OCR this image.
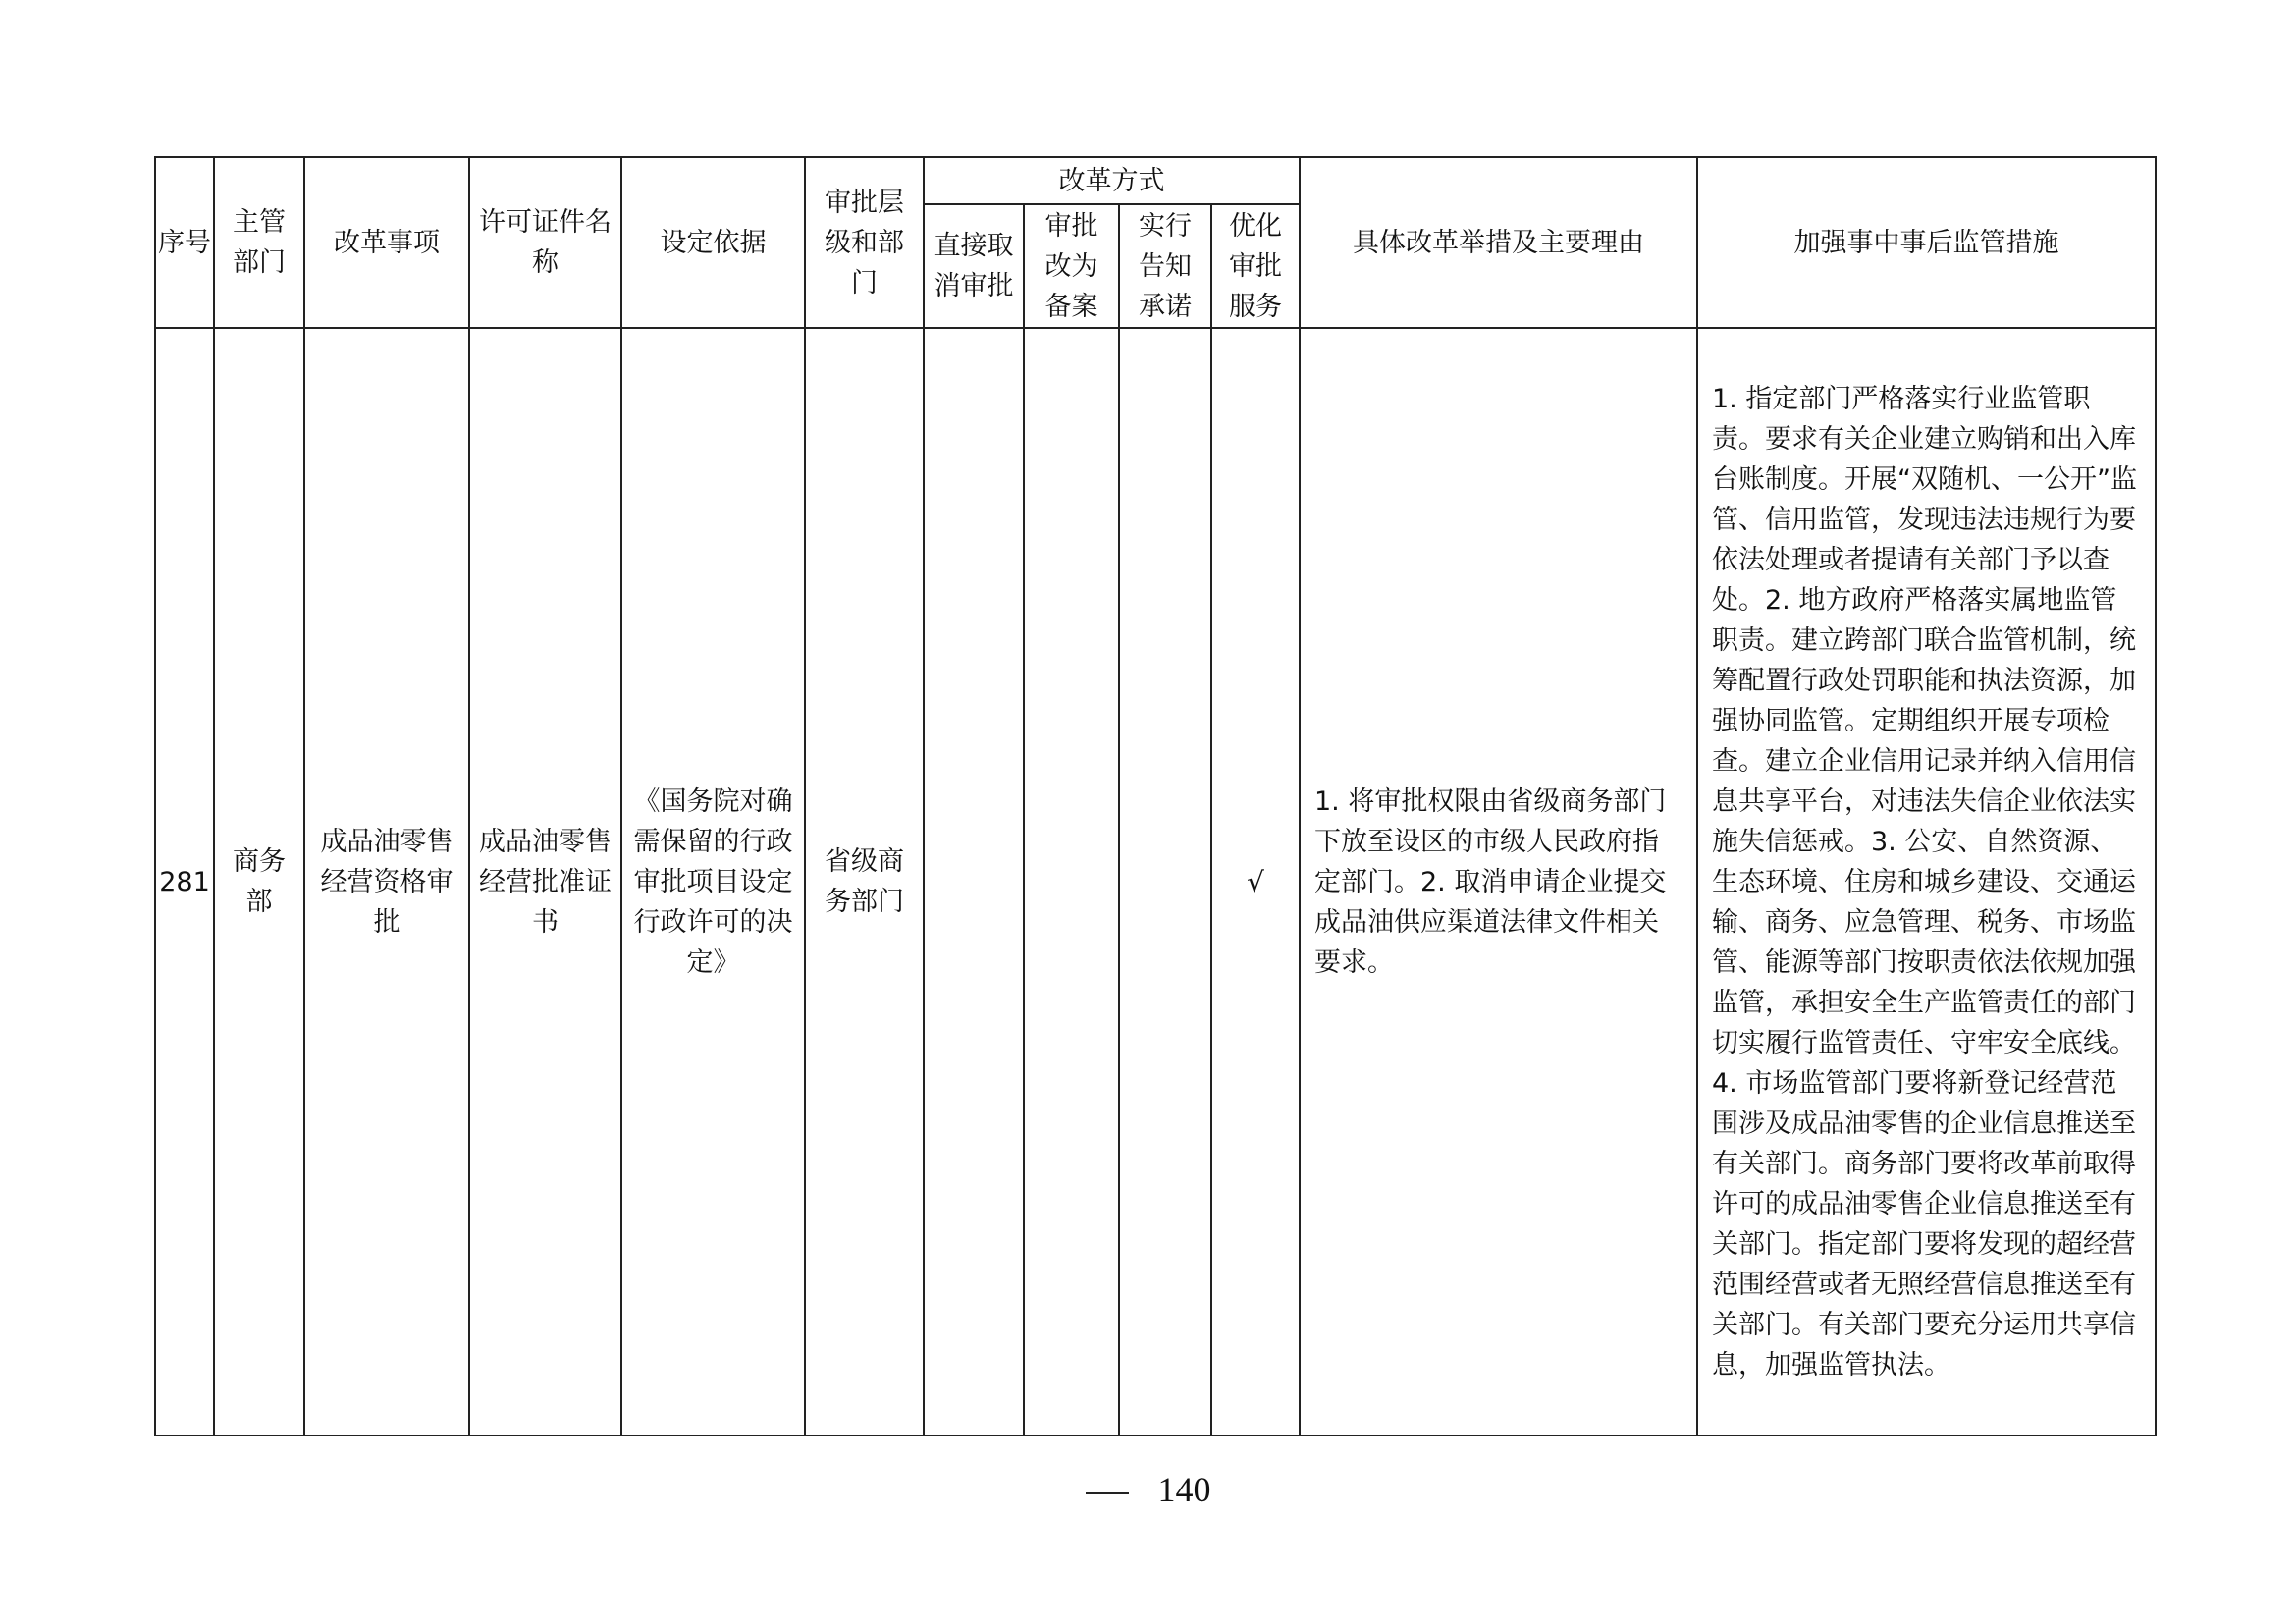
序号	主管部门	改革事项	许可证件名称	设定依据	审批层级和部门	改革方式				具体改革举措及主要理由	加强事中事后监管措施

						直接取消审批	审批改为备案	实行告知承诺	优化审批服务		

281	商务部	成品油零售经营资格审批	成品油零售经营批准证书	《国务院对确需保留的行政审批项目设定行政许可的决定》	省级商务部门				√	1. 将审批权限由省级商务部门下放至设区的市级人民政府指定部门。2. 取消申请企业提交成品油供应渠道法律文件相关要求。	1. 指定部门严格落实行业监管职责。要求有关企业建立购销和出入库台账制度。开展“双随机、一公开”监管、信用监管，发现违法违规行为要依法处理或者提请有关部门予以查处。2. 地方政府严格落实属地监管职责。建立跨部门联合监管机制，统筹配置行政处罚职能和执法资源，加强协同监管。定期组织开展专项检查。建立企业信用记录并纳入信用信息共享平台，对违法失信企业依法实施失信惩戒。3. 公安、自然资源、生态环境、住房和城乡建设、交通运输、商务、应急管理、税务、市场监管、能源等部门按职责依法依规加强监管，承担安全生产监管责任的部门切实履行监管责任、守牢安全底线。4. 市场监管部门要将新登记经营范围涉及成品油零售的企业信息推送至有关部门。商务部门要将改革前取得许可的成品油零售企业信息推送至有关部门。指定部门要将发现的超经营范围经营或者无照经营信息推送至有关部门。有关部门要充分运用共享信息，加强监管执法。
140
